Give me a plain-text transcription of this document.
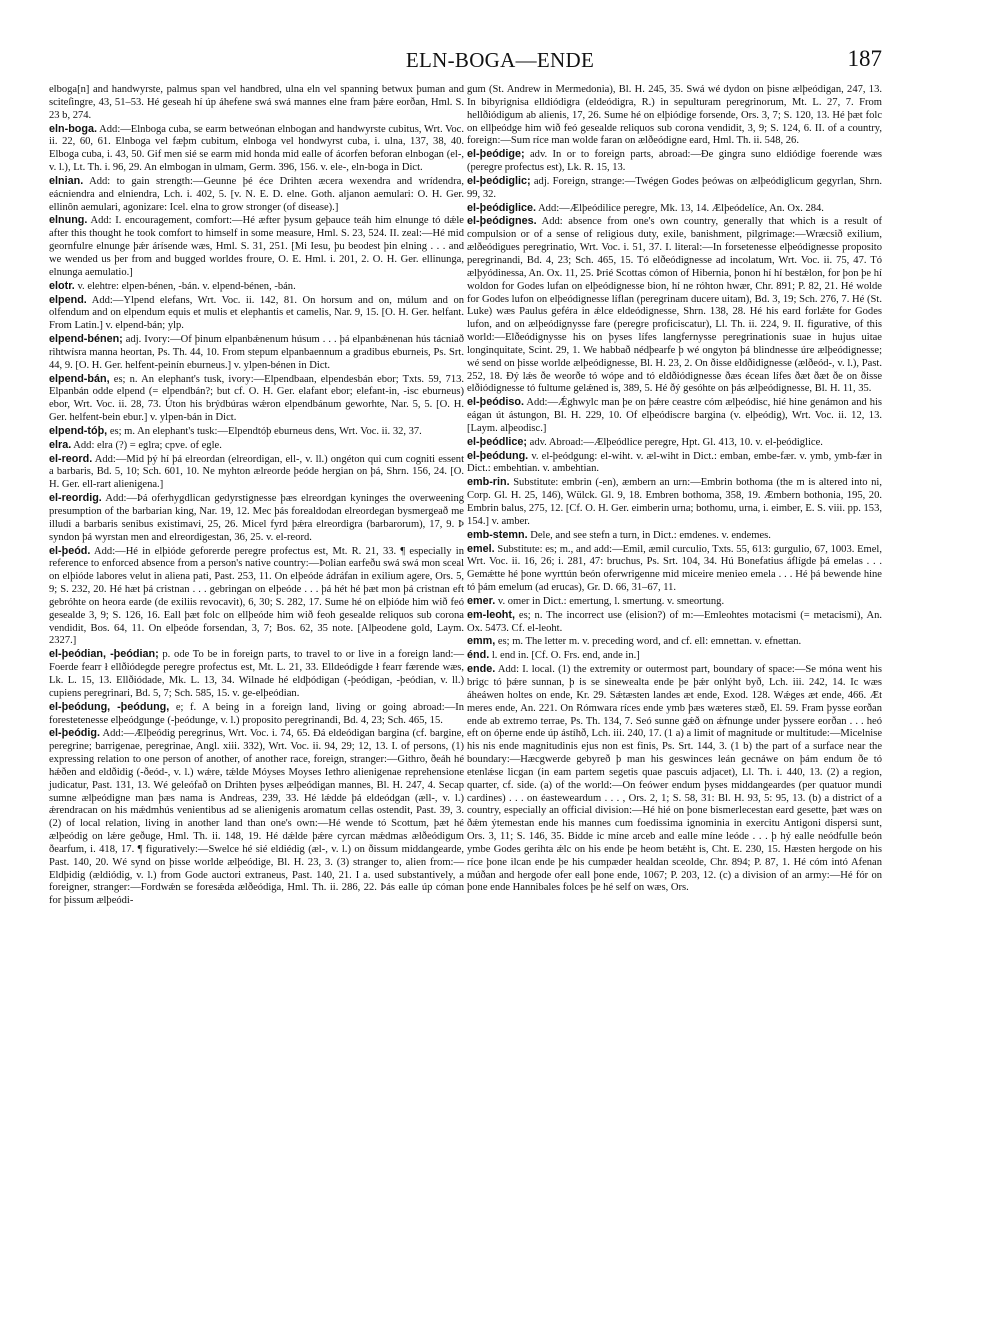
ELN-BOGA—ENDE	187

elboga[n] and handwyrste, palmus span vel handbred, ulna eln vel spanning betwux þuman and sciteſingre, 43, 51–53. Hé geseah hí úp áhefene swá swá mannes elne fram þǽre eorðan, Hml. S. 23 b, 274.

eln-boga. Add:—Elnboga cuba, se earm betweónan elnbogan and handwyrste cubitus, Wrt. Voc. ii. 22, 60, 61. Elnboga vel fæþm cubitum, elnboga vel hondwyrst cuba, i. ulna, 137, 38, 40. Elboga cuba, i. 43, 50. Gif men sié se earm mid honda mid ealle of ácorfen beforan elnbogan (el-, v. l.), Lt. Th. i. 96, 29. An elmbogan in ulmam, Germ. 396, 156. v. ele-, eln-boga in Dict.

elnian. Add: to gain strength:—Geunne þé éce Drihten æcera wexendra and wrídendra, eácniendra and elniendra, Lch. i. 402, 5. [v. N. E. D. elne. Goth. aljanon aemulari: O. H. Ger. ellinôn aemulari, agonizare: Icel. elna to grow stronger (of disease).]

elnung. Add: I. encouragement, comfort:—Hé æfter þysum geþauce teáh him elnunge tó dǽle after this thought he took comfort to himself in some measure, Hml. S. 23, 524. II. zeal:—Hé mid geornfulre elnunge þǽr árísende wæs, Hml. S. 31, 251. [Mi Iesu, þu beodest þin elning . . . and we wended us þer from and bugged worldes froure, O. E. Hml. i. 201, 2. O. H. Ger. ellinunga, elnunga aemulatio.]

elotr. v. elehtre: elpen-bénen, -bán. v. elpend-bénen, -bán.

elpend. Add:—Ylpend elefans, Wrt. Voc. ii. 142, 81. On horsum and on, múlum and on olfendum and on elpendum equis et mulis et elephantis et camelis, Nar. 9, 15. [O. H. Ger. helfant. From Latin.] v. elpend-bán; ylp.

elpend-bénen; adj. Ivory:—Of þinum elpanbǽnenum húsum . . . þá elpanbǽnenan hús tácniað rihtwísra manna heortan, Ps. Th. 44, 10. From stepum elpanbaennum a gradibus eburneis, Ps. Srt. 44, 9. [O. H. Ger. helfent-peinín eburneus.] v. ylpen-bénen in Dict.

elpend-bán, es; n. An elephant's tusk, ivory:—Elpendbaan, elpendesbán ebor; Txts. 59, 713. Elpanbán odde elpend (= elpendbán?; but cf. O. H. Ger. elafant ebor; elefant-in, -isc eburneus) ebor, Wrt. Voc. ii. 28, 73. Úton his brýdbúras wǽron elpendbánum geworhte, Nar. 5, 5. [O. H. Ger. helfent-bein ebur.] v. ylpen-bán in Dict.

elpend-tóþ, es; m. An elephant's tusk:—Elpendtóþ eburneus dens, Wrt. Voc. ii. 32, 37.

elra. Add: elra (?) = eglra; cpve. of egle.

el-reord. Add:—Mid þý hí þá elreordan (elreordigan, ell-, v. ll.) ongéton qui cum cogniti essent a barbaris, Bd. 5, 10; Sch. 601, 10. Ne myhton ælreorde þeóde hergian on þá, Shrn. 156, 24. [O. H. Ger. ell-rart alienigena.]

el-reordig. Add:—Þá oferhygdlican gedyrstignesse þæs elreordgan kyninges the overweening presumption of the barbarian king, Nar. 19, 12. Mec þás forealdodan elreordegan bysmergeað me illudi a barbaris senibus existimavi, 25, 26. Micel fyrd þǽra elreordigra (barbarorum), 17, 9. Þ syndon þá wyrstan men and elreordigestan, 36, 25. v. el-reord.

el-þeód. Add:—Hé in elþióde geforerde peregre profectus est, Mt. R. 21, 33. ¶ especially in reference to enforced absence from a person's native country:—Þolian earfeðu swá swá mon sceal on elþióde labores velut in aliena pati, Past. 253, 11. On elþeóde ádráfan in exilium agere, Ors. 5, 9; S. 232, 20. Hé hæt þá cristnan . . . gebringan on elþeóde . . . þá hét hé þæt mon þá cristnan eft gebróhte on heora earde (de exiliis revocavit), 6, 30; S. 282, 17. Sume hé on elþióde him wið feó gesealde 3, 9; S. 126, 16. Eall þæt folc on ellþeóde him wið feoh gesealde reliquos sub corona vendidit, Bos. 64, 11. On elþeóde forsendan, 3, 7; Bos. 62, 35 note. [Alþeodene gold, Laym. 2327.]

el-þeódian, -þeódian; p. ode To be in foreign parts, to travel to or live in a foreign land:—Foerde fearr ł ellðiódegde peregre profectus est, Mt. L. 21, 33. Elldeódigde ł fearr færende wæs, Lk. L. 15, 13. Ellðiódade, Mk. L. 13, 34. Wilnade hé eldþódigan (-þeódigan, -þeódian, v. ll.) cupiens peregrinari, Bd. 5, 7; Sch. 585, 15. v. ge-elþeódian.

el-þeódung, -þeódung, e; f. A being in a foreign land, living or going abroad:—In forestetenesse elþeódgunge (-þeódunge, v. l.) proposito peregrinandi, Bd. 4, 23; Sch. 465, 15.

el-þeódig. Add:—Ælþeódig peregrinus, Wrt. Voc. i. 74, 65. Ðá eldeódigan bargina (cf. bargine, peregrine; barrigenae, peregrinae, Angl. xiii. 332), Wrt. Voc. ii. 94, 29; 12, 13. I. of persons, (1) expressing relation to one person of another, of another race, foreign, stranger:—Githro, ðeáh hé hǽðen and eldðidig (-ðeód-, v. l.) wǽre, tǽlde Móyses Moyses Iethro alienigenae reprehensione judicatur, Past. 131, 13. Wé geleófað on Drihten þyses ælþeódigan mannes, Bl. H. 247, 4. Secap sumne ælþeódigne man þæs nama is Andreas, 239, 33. Hé lǽdde þá eldeódgan (æll-, v. l.) ǽrendracan on his mǽdmhús venientibus ad se alienigenis aromatum cellas ostendit, Past. 39, 3. (2) of local relation, living in another land than one's own:—Hé wende tó Scottum, þæt hé ælþeódig on lǽre geðuge, Hml. Th. ii. 148, 19. Hé dǽlde þǽre cyrcan mǽdmas ælðeódigum ðearfum, i. 418, 17. ¶ figuratively:—Swelce hé sié eldiédig (æl-, v. l.) on ðissum middangearde, Past. 140, 20. Wé synd on þisse worlde ælþeódige, Bl. H. 23, 3. (3) stranger to, alien from:—Eldþidig (ældiódig, v. l.) from Gode auctori extraneus, Past. 140, 21. I a. used substantively, a foreigner, stranger:—Fordwǽn se foresǽda ælðeódiga, Hml. Th. ii. 286, 22. Þás ealle úp cóman for þissum ælþeódi-

gum (St. Andrew in Mermedonia), Bl. H. 245, 35. Swá wé dydon on þisne ælþeódigan, 247, 13. In bibyrignisa elldiódigra (eldeódigra, R.) in sepulturam peregrinorum, Mt. L. 27, 7. From hellðiódigum ab alienis, 17, 26. Sume hé on elþiódige forsende, Ors. 3, 7; S. 120, 13. Hé þæt folc on ellþeódge him wið feó gesealde reliquos sub corona vendidit, 3, 9; S. 124, 6. II. of a country, foreign:—Sum ríce man wolde faran on ælðeódigne eard, Hml. Th. ii. 548, 26.

el-þeódige; adv. In or to foreign parts, abroad:—Ðe gingra suno eldiódige foerende wæs (peregre profectus est), Lk. R. 15, 13.

el-þeódiglic; adj. Foreign, strange:—Twégen Godes þeówas on ælþeódiglicum gegyrlan, Shrn. 99, 32.

el-þeódiglice. Add:—Ælþeódilice peregre, Mk. 13, 14. Ælþeódelíce, An. Ox. 284.

el-þeódignes. Add: absence from one's own country, generally that which is a result of compulsion or of a sense of religious duty, exile, banishment, pilgrimage:—Wræcsið exilium, ælðeódigues peregrinatio, Wrt. Voc. i. 51, 37. I. literal:—In forsetenesse elþeódignesse proposito peregrinandi, Bd. 4, 23; Sch. 465, 15. Tó elðeódignesse ad incolatum, Wrt. Voc. ii. 75, 47. Tó ælþyódinessa, An. Ox. 11, 25. Þrié Scottas cómon of Hibernia, þonon hí hí bestǽlon, for þon þe hí woldon for Godes lufan on elþeódignesse bion, hí ne róhton hwær, Chr. 891; P. 82, 21. Hé wolde for Godes lufon on elþeódignesse líflan (peregrinam ducere uitam), Bd. 3, 19; Sch. 276, 7. Hé (St. Luke) wæs Paulus geféra in ǽlce eldeódignesse, Shrn. 138, 28. Hé his eard forlǽte for Godes lufon, and on ælþeódignysse fare (peregre proficiscatur), Ll. Th. ii. 224, 9. II. figurative, of this world:—Elðeódignysse his on þyses lífes langfernysse peregrinationis suae in hujus uitae longinquitate, Scint. 29, 1. We habbað nédþearfe þ wé ongyton þá blindnesse úre ælþeódignesse; wé send on þisse worlde ælþeódignesse, Bl. H. 23, 2. On ðisse eldðidignesse (ælðeód-, v. l.), Past. 252, 18. Ðý lǽs ðe weorðe tó wópe and tó eldðiódignesse ðæs écean lífes ðæt ðæt ðe on ðisse elðiódignesse tó fultume gelǽned is, 389, 5. Hé ðý gesóhte on þás ælþeódignesse, Bl. H. 11, 35.

el-þeódiso. Add:—Ǽghwylc man þe on þǽre ceastre cóm ælþeódisc, hié hine genámon and his eágan út ástungon, Bl. H. 229, 10. Of elþeódiscre bargina (v. elþeódig), Wrt. Voc. ii. 12, 13. [Laym. alþeodisc.]

el-þeódlice; adv. Abroad:—Ælþeódlice peregre, Hpt. Gl. 413, 10. v. el-þeódiglice.

el-þeódung. v. el-þeódgung: el-wiht. v. æl-wiht in Dict.: emban, embe-fær. v. ymb, ymb-fær in Dict.: embehtian. v. ambehtian.

emb-rin. Substitute: embrin (-en), æmbern an urn:—Embrin bothoma (the m is altered into ni, Corp. Gl. H. 25, 146), Wülck. Gl. 9, 18. Embren bothoma, 358, 19. Æmbern bothonia, 195, 20. Embrin balus, 275, 12. [Cf. O. H. Ger. eimberin urna; bothomu, urna, i. eimber, E. S. viii. pp. 153, 154.] v. amber.

emb-stemn. Dele, and see stefn a turn, in Dict.: emdenes. v. endemes.

emel. Substitute: es; m., and add:—Emil, æmil curculio, Txts. 55, 613: gurgulio, 67, 1003. Emel, Wrt. Voc. ii. 16, 26; i. 281, 47: bruchus, Ps. Srt. 104, 34. Hú Bonefatius áflígde þá emelas . . . Gemǽtte hé þone wyrttún beón oferwrigenne mid miceire menieo emela . . . Hé þá bewende hine tó þám emelum (ad erucas), Gr. D. 66, 31–67, 11.

emer. v. omer in Dict.: emertung, l. smertung. v. smeortung.

em-leoht, es; n. The incorrect use (elision?) of m:—Emleohtes motacismi (= metacismi), An. Ox. 5473. Cf. el-leoht.

emm, es; m. The letter m. v. preceding word, and cf. ell: emnettan. v. efnettan.

énd. l. end in. [Cf. O. Frs. end, ande in.]

ende. Add: I. local. (1) the extremity or outermost part, boundary of space:—Se móna went his brigc tó þǽre sunnan, þ is se sinewealta ende þe þǽr onlýht byð, Lch. iii. 242, 14. Ic wæs áheáwen holtes on ende, Kr. 29. Sǽtæsten landes æt ende, Exod. 128. Wǽges æt ende, 466. Æt meres ende, An. 221. On Rómwara ríces ende ymb þæs wæteres stæð, El. 59. Fram þysse eorðan ende ab extremo terrae, Ps. Th. 134, 7. Seó sunne gǽð on ǽfnunge under þyssere eorðan . . . heó eft on óþerne ende úp ástíhð, Lch. iii. 240, 17. (1 a) a limit of magnitude or multitude:—Micelnise his nis ende magnitudinis ejus non est finis, Ps. Srt. 144, 3. (1 b) the part of a surface near the boundary:—Hæcgwerde gebyreð þ man his geswinces leán gecnáwe on þám endum ðe tó etenlǽse licgan (in eam partem segetis quae pascuis adjacet), Ll. Th. i. 440, 13. (2) a region, quarter, cf. side. (a) of the world:—On feówer endum þyses middangeardes (per quatuor mundi cardines) . . . on éasteweardum . . . , Ors. 2, 1; S. 58, 31: Bl. H. 93, 5: 95, 13. (b) a district of a country, especially an official division:—Hé hié on þone bismerlecestan eard gesette, þæt wæs on ðǽm ýtemestan ende his mannes cum foedissima ignominia in exercitu Antigoni dispersi sunt, Ors. 3, 11; S. 146, 35. Bidde ic míne arceb and ealle míne leóde . . . þ hý ealle neódfulle beón ymbe Godes gerihta ǽlc on his ende þe heom betǽht is, Cht. E. 230, 15. Hæsten hergode on his ríce þone ilcan ende þe his cumpæder healdan sceolde, Chr. 894; P. 87, 1. Hé cóm intó Afenan múðan and hergode ofer eall þone ende, 1067; P. 203, 12. (c) a division of an army:—Hé fór on þone ende Hannibales folces þe hé self on wæs, Ors.
